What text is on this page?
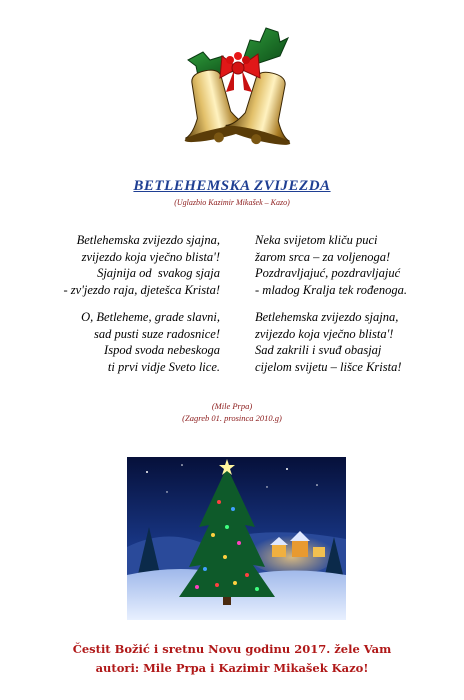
BETLEHEMSKA ZVIJEZDA
(Uglazbio Kazimir Mikašek – Kazo)
Betlehemska zvijezdo sjajna,
zvijezdo koja vječno blista'!
Sjajnija od  svakog sjaja
- zv'jezdo raja, djetešca Krista!
Neka svijetom kliču puci
žarom srca – za voljenoga!
Pozdravljajuć, pozdravljajuć
- mladog Kralja tek rođenoga.
O, Betleheme, grade slavni,
sad pusti suze radosnice!
Ispod svoda nebeskoga
ti prvi vidje Sveto lice.
Betlehemska zvijezdo sjajna,
zvijezdo koja vječno blista'!
Sad zakrili i svuđ obasjaj
cijelom svijetu – lišce Krista!
(Mile Prpa)
(Zagreb 01. prosinca 2010.g)
Čestit Božić i sretnu Novu godinu 2017. žele Vam
autori: Mile Prpa i Kazimir Mikašek Kazo!
